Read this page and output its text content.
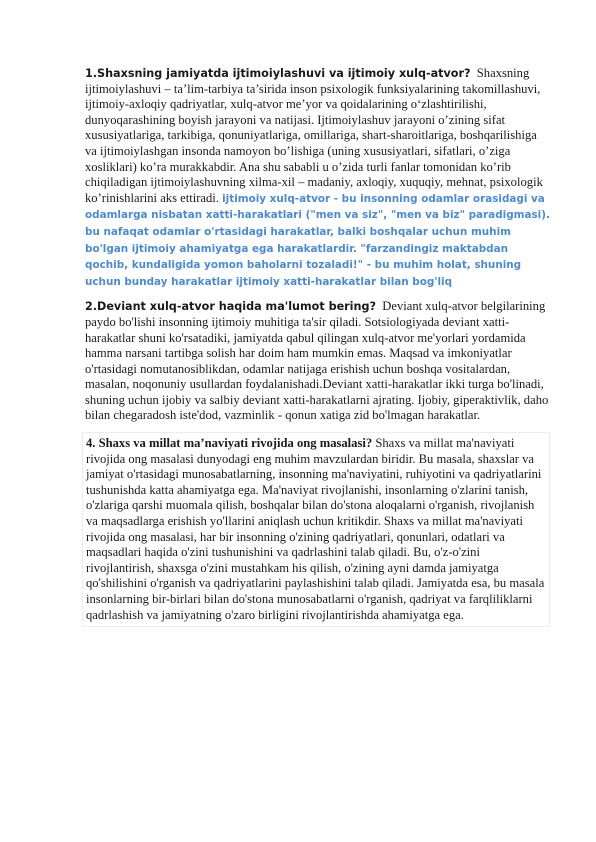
1.Shaxsning jamiyatda ijtimoiylashuvi va ijtimoiy xulq-atvor? Shaxsning ijtimoiylashuvi – ta’lim-tarbiya ta’sirida inson psixologik funksiyalarining takomillashuvi, ijtimoiy-axloqiy qadriyatlar, xulq-atvor me’yor va qoidalarining o‘zlashtirilishi, dunyoqarashining boyish jarayoni va natijasi. Ijtimoiylashuv jarayoni o’zining sifat xususiyatlariga, tarkibiga, qonuniyatlariga, omillariga, shart-sharoitlariga, boshqarilishiga va ijtimoiylashgan insonda namoyon bo’lishiga (uning xususiyatlari, sifatlari, o’ziga xosliklari) ko’ra murakkabdir. Ana shu sababli u o’zida turli fanlar tomonidan ko’rib chiqiladigan ijtimoiylashuvning xilma-xil – madaniy, axloqiy, xuquqiy, mehnat, psixologik ko’rinishlarini aks ettiradi. ijtimoiy xulq-atvor - bu insonning odamlar orasidagi va odamlarga nisbatan xatti-harakatlari ("men va siz", "men va biz" paradigmasi). bu nafaqat odamlar o'rtasidagi harakatlar, balki boshqalar uchun muhim bo'lgan ijtimoiy ahamiyatga ega harakatlardir. "farzandingiz maktabdan qochib, kundaligida yomon baholarni tozaladi!" - bu muhim holat, shuning uchun bunday harakatlar ijtimoiy xatti-harakatlar bilan bog'liq

2.Deviant xulq-atvor haqida ma'lumot bering? Deviant xulq-atvor belgilarining paydo bo'lishi insonning ijtimoiy muhitiga ta'sir qiladi. Sotsiologiyada deviant xatti-harakatlar shuni ko'rsatadiki, jamiyatda qabul qilingan xulq-atvor me'yorlari yordamida hamma narsani tartibga solish har doim ham mumkin emas. Maqsad va imkoniyatlar o'rtasidagi nomutanosiblikdan, odamlar natijaga erishish uchun boshqa vositalardan, masalan, noqonuniy usullardan foydalanishadi.Deviant xatti-harakatlar ikki turga bo'linadi, shuning uchun ijobiy va salbiy deviant xatti-harakatlarni ajrating. Ijobiy, giperaktivlik, daho bilan chegaradosh iste'dod, vazminlik - qonun xatiga zid bo'lmagan harakatlar.

4. Shaxs va millat ma’naviyati rivojida ong masalasi? Shaxs va millat ma'naviyati rivojida ong masalasi dunyodagi eng muhim mavzulardan biridir. Bu masala, shaxslar va jamiyat o'rtasidagi munosabatlarning, insonning ma'naviyatini, ruhiyotini va qadriyatlarini tushunishda katta ahamiyatga ega. Ma'naviyat rivojlanishi, insonlarning o'zlarini tanish, o'zlariga qarshi muomala qilish, boshqalar bilan do'stona aloqalarni o'rganish, rivojlanish va maqsadlarga erishish yo'llarini aniqlash uchun kritikdir. Shaxs va millat ma'naviyati rivojida ong masalasi, har bir insonning o'zining qadriyatlari, qonunlari, odatlari va maqsadlari haqida o'zini tushunishini va qadrlashini talab qiladi. Bu, o'z-o'zini rivojlantirish, shaxsga o'zini mustahkam his qilish, o'zining ayni damda jamiyatga qo'shilishini o'rganish va qadriyatlarini paylashishini talab qiladi. Jamiyatda esa, bu masala insonlarning bir-birlari bilan do'stona munosabatlarni o'rganish, qadriyat va farqliliklarni qadrlashish va jamiyatning o'zaro birligini rivojlantirishda ahamiyatga ega.
